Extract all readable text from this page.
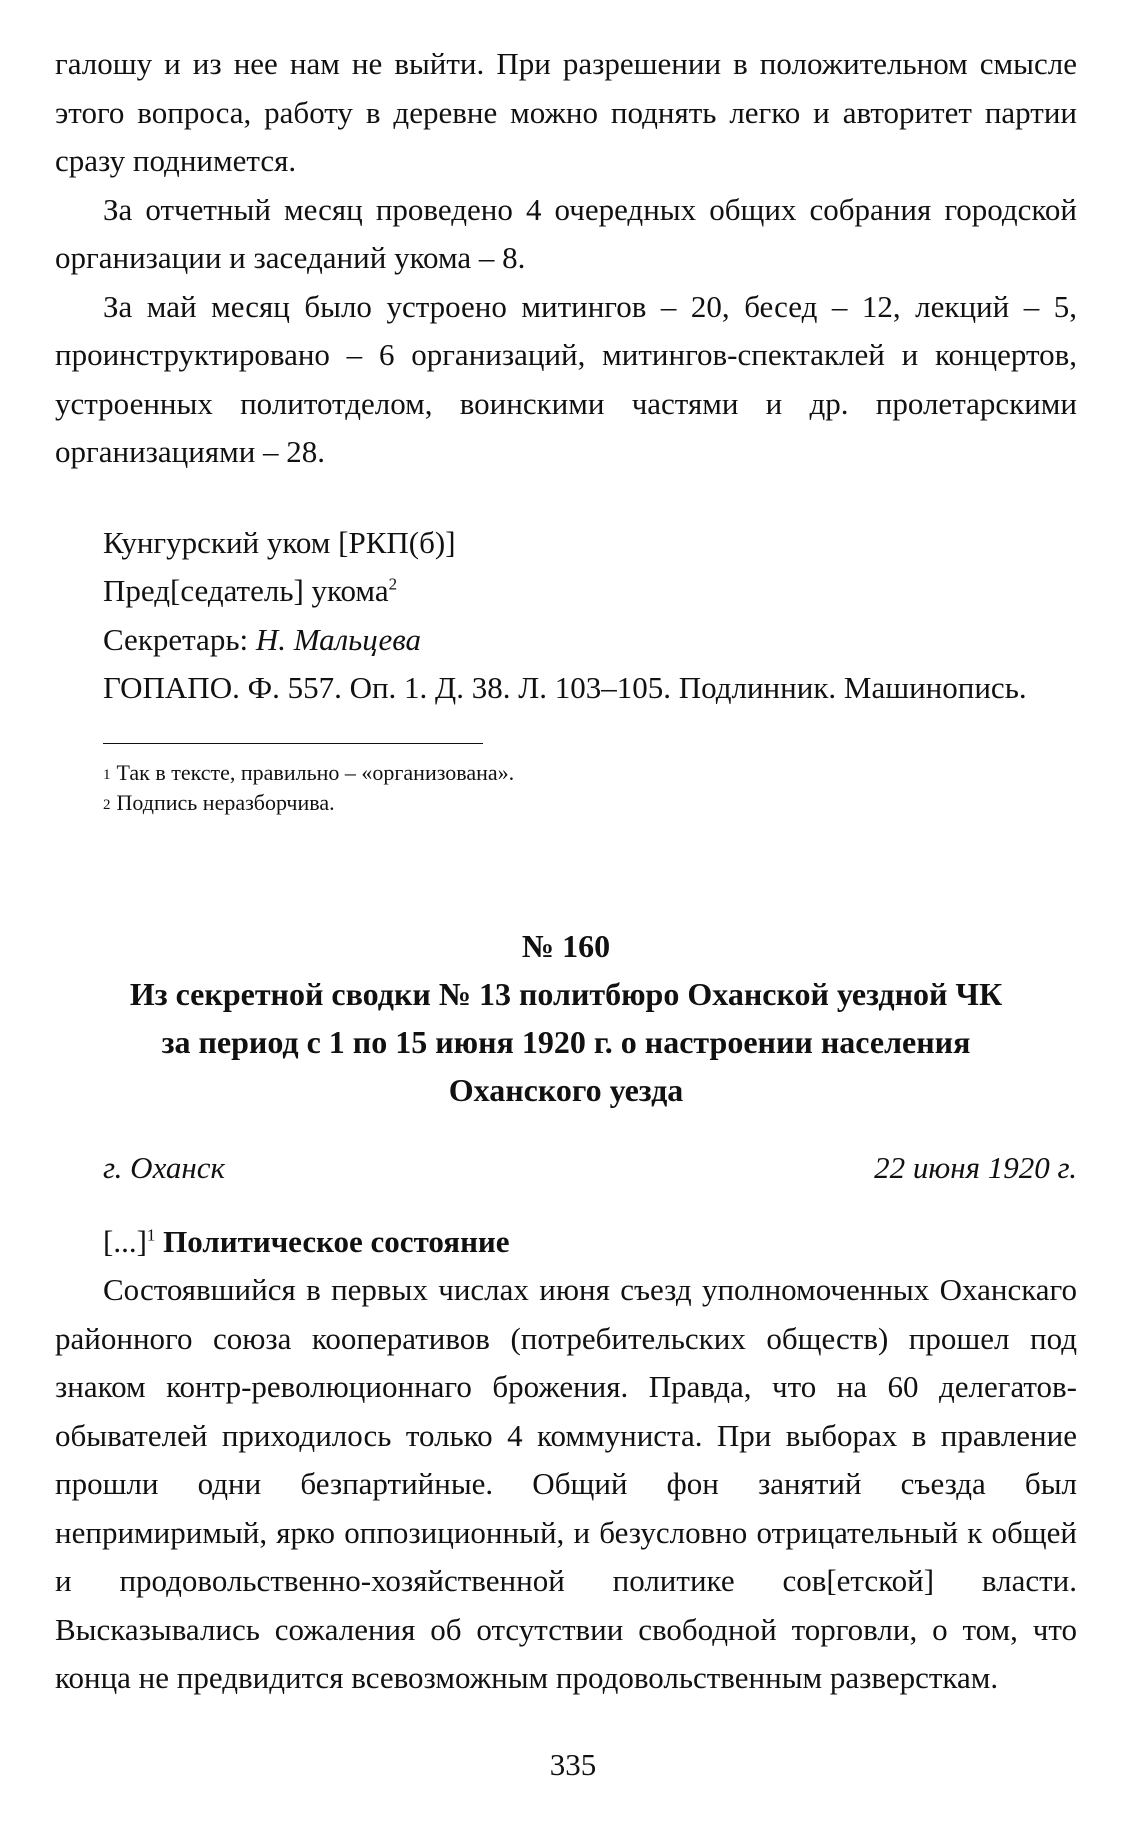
галошу и из нее нам не выйти. При разрешении в положительном смысле этого вопроса, работу в деревне можно поднять легко и авторитет партии сразу поднимется.

За отчетный месяц проведено 4 очередных общих собрания городской организации и заседаний укома – 8.

За май месяц было устроено митингов – 20, бесед – 12, лекций – 5, проинструктировано – 6 организаций, митингов-спектаклей и концертов, устроенных политотделом, воинскими частями и др. пролетарскими организациями – 28.

Кунгурский уком [РКП(б)]

Пред[седатель] укома$^2$

Секретарь: Н. Мальцева

ГОПАПО. Ф. 557. Оп. 1. Д. 38. Л. 103–105. Подлинник. Машинопись.

$^1$ Так в тексте, правильно – «организована».

$^2$ Подпись неразборчива.

№ 160

Из секретной сводки № 13 политбюро Оханской уездной ЧК

за период с 1 по 15 июня 1920 г. о настроении населения

Оханского уезда

г. Оханск	22 июня 1920 г.

[...]$^1$ Политическое состояние

Состоявшийся в первых числах июня съезд уполномоченных Оханскаго районного союза кооперативов (потребительских обществ) прошел под знаком контр-революционнаго брожения. Правда, что на 60 делегатов-обывателей приходилось только 4 коммуниста. При выборах в правление прошли одни безпартийные. Общий фон занятий съезда был непримиримый, ярко оппозиционный, и безусловно отрицательный к общей и продовольственно-хозяйственной политике сов[етской] власти. Высказывались сожаления об отсутствии свободной торговли, о том, что конца не предвидится всевозможным продовольственным разверсткам.

335
